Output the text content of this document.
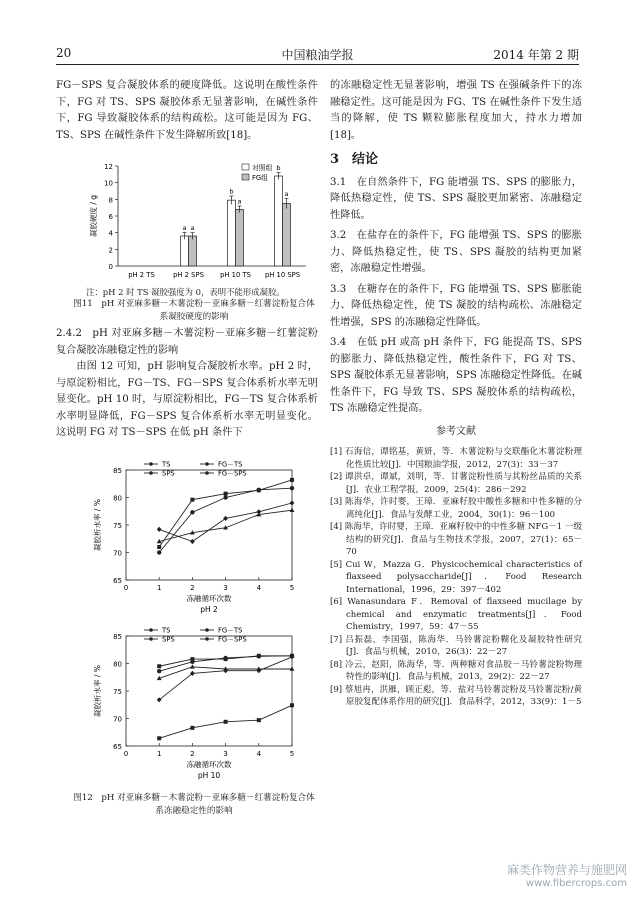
20	中国粮油学报	2014 年第 2 期

FG－SPS 复合凝胶体系的硬度降低。这说明在酸性条件下，FG 对 TS、SPS 凝胶体系无显著影响，在碱性条件下，FG 导致凝胶体系的结构疏松。这可能是因为 FG、TS、SPS 在碱性条件下发生降解所致[18]。

0
2
4
6
8
10
12
凝胶硬度 / g
pH 2 TS
a a
pH 2 SPS
b
a
pH 10 TS
b
a
pH 10 SPS
对照组
FG组
注：pH 2 时 TS 凝胶强度为 0，表明不能形成凝胶。
图11　pH 对亚麻多糖－木薯淀粉－亚麻多糖－红薯淀粉复合体系凝胶硬度的影响

2.4.2　pH 对亚麻多糖－木薯淀粉－亚麻多糖－红薯淀粉复合凝胶冻融稳定性的影响

由图 12 可知，pH 影响复合凝胶析水率。pH 2 时，与原淀粉相比，FG－TS、FG－SPS 复合体系析水率无明显变化。pH 10 时，与原淀粉相比，FG－TS 复合体系析水率明显降低，FG－SPS 复合体系析水率无明显变化。这说明 FG 对 TS－SPS 在低 pH 条件下

65
70
75
80
85
0	1	2	3	4	5
冻融循环次数
pH 2
凝胶析水率 / %
TS	FG－TS
SPS	FG－SPS
65
70
75
80
85
0	1	2	3	4	5
冻融循环次数
pH 10
凝胶析水率 / %
TS	FG－TS
SPS	FG－SPS
图12　pH 对亚麻多糖－木薯淀粉－亚麻多糖－红薯淀粉复合体系冻融稳定性的影响

的冻融稳定性无显著影响，增强 TS 在强碱条件下的冻融稳定性。这可能是因为 FG、TS 在碱性条件下发生适当的降解，使 TS 颗粒膨胀程度加大，持水力增加[18]。

3　结论

3.1　在自然条件下，FG 能增强 TS、SPS 的膨胀力，降低热稳定性，使 TS、SPS 凝胶更加紧密、冻融稳定性降低。

3.2　在盐存在的条件下，FG 能增强 TS、SPS 的膨胀力、降低热稳定性，使 TS、SPS 凝胶的结构更加紧密，冻融稳定性增强。

3.3　在糖存在的条件下，FG 能增强 TS、SPS 膨胀能力、降低热稳定性，使 TS 凝胶的结构疏松、冻融稳定性增强，SPS 的冻融稳定性降低。

3.4　在低 pH 或高 pH 条件下，FG 能提高 TS、SPS 的膨胀力、降低热稳定性，酸性条件下，FG 对 TS、SPS 凝胶体系无显著影响，SPS 冻融稳定性降低。在碱性条件下，FG 导致 TS、SPS 凝胶体系的结构疏松，TS 冻融稳定性提高。

参考文献

[1] 石海信，谭铭基，黄妍，等．木薯淀粉与交联酯化木薯淀粉理化性质比较[J]．中国粮油学报，2012，27(3)：33－37

[2] 谭洪卓，谭斌，刘明，等．甘薯淀粉性质与其粉丝品质的关系[J]．农业工程学报，2009，25(4)：286－292

[3] 陈海华，许时婴，王璋．亚麻籽胶中酸性多糖和中性多糖的分离纯化[J]．食品与发酵工业，2004，30(1)：96－100

[4] 陈海华，许时婴，王璋．亚麻籽胶中的中性多糖 NFG－1 一级结构的研究[J]．食品与生物技术学报，2007，27(1)：65－70

[5] Cui W，Mazza G．Physicochemical characteristics of flaxseed polysaccharide[J]．Food Research International，1996，29：397－402

[6] Wanasundara F．Removal of flaxseed mucilage by chemical and enzymatic treatments[J]．Food Chemistry，1997，59：47－55

[7] 吕振磊，李国强，陈海华．马铃薯淀粉糊化及凝胶特性研究[J]．食品与机械，2010，26(3)：22－27

[8] 冷云，赵阳，陈海华，等．两种糖对食品胶－马铃薯淀粉物理特性的影响[J]．食品与机械，2013，29(2)：22－27

[9] 蔡旭冉，洪雁，顾正彪，等．盐对马铃薯淀粉及马铃薯淀粉/黄原胶复配体系作用的研究[J]．食品科学，2012，33(9)：1－5

麻类作物营养与施肥网
www.fibercrops.com
